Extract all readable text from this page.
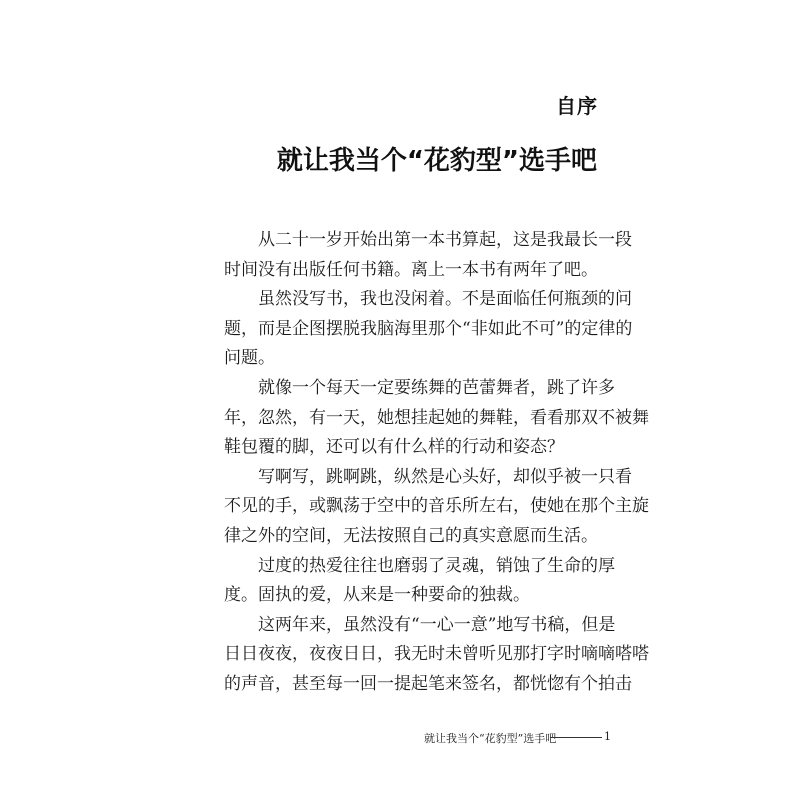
自序
就让我当个“花豹型”选手吧

从二十一岁开始出第一本书算起，这是我最长一段
时间没有出版任何书籍。离上一本书有两年了吧。

虽然没写书，我也没闲着。不是面临任何瓶颈的问
题，而是企图摆脱我脑海里那个“非如此不可”的定律的
问题。

就像一个每天一定要练舞的芭蕾舞者，跳了许多
年，忽然，有一天，她想挂起她的舞鞋，看看那双不被舞
鞋包覆的脚，还可以有什么样的行动和姿态？

写啊写，跳啊跳，纵然是心头好，却似乎被一只看
不见的手，或飘荡于空中的音乐所左右，使她在那个主旋
律之外的空间，无法按照自己的真实意愿而生活。

过度的热爱往往也磨弱了灵魂，销蚀了生命的厚
度。固执的爱，从来是一种要命的独裁。

这两年来，虽然没有“一心一意”地写书稿，但是
日日夜夜，夜夜日日，我无时未曾听见那打字时嘀嘀嗒嗒
的声音，甚至每一回一提起笔来签名，都恍惚有个拍击

就让我当个“花豹型”选手吧	1
